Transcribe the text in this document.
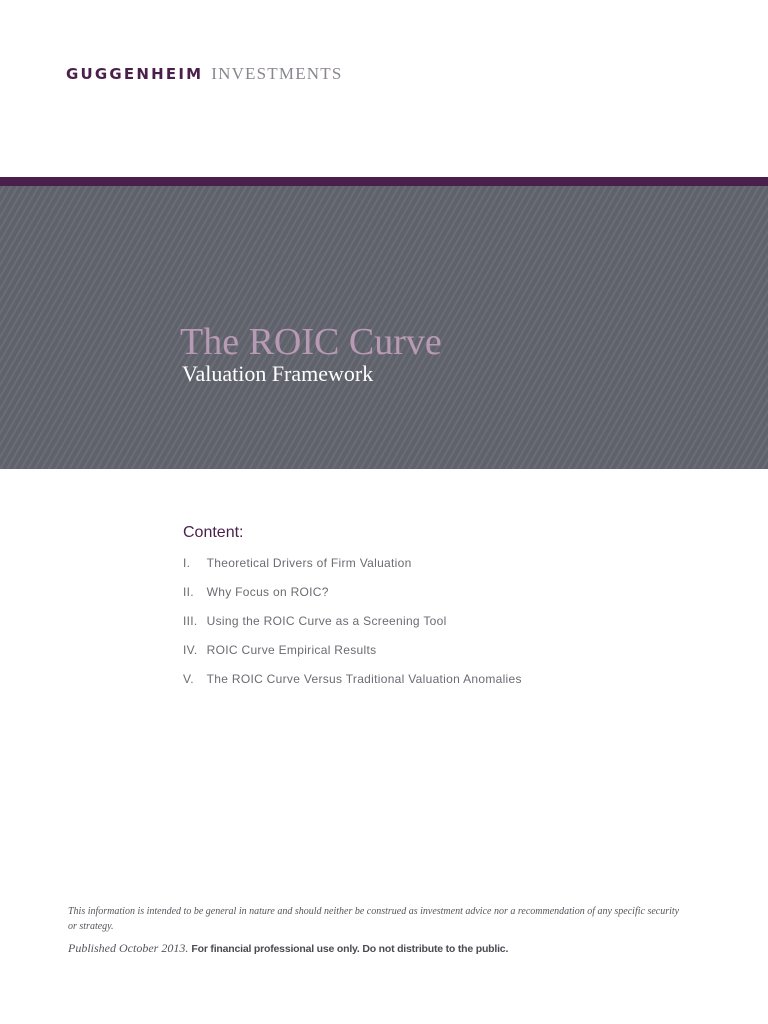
GUGGENHEIM INVESTMENTS
The ROIC Curve
Valuation Framework
Content:
I.
	Theoretical Drivers of Firm Valuation
II.
	Why Focus on ROIC?
III.
Using the ROIC Curve as a Screening Tool
IV.
ROIC Curve Empirical Results
V.
	The ROIC Curve Versus Traditional Valuation Anomalies

This information is intended to be general in nature and should neither be construed as investment advice nor a recommendation of any specific security or strategy.

Published October 2013. For financial professional use only. Do not distribute to the public.
